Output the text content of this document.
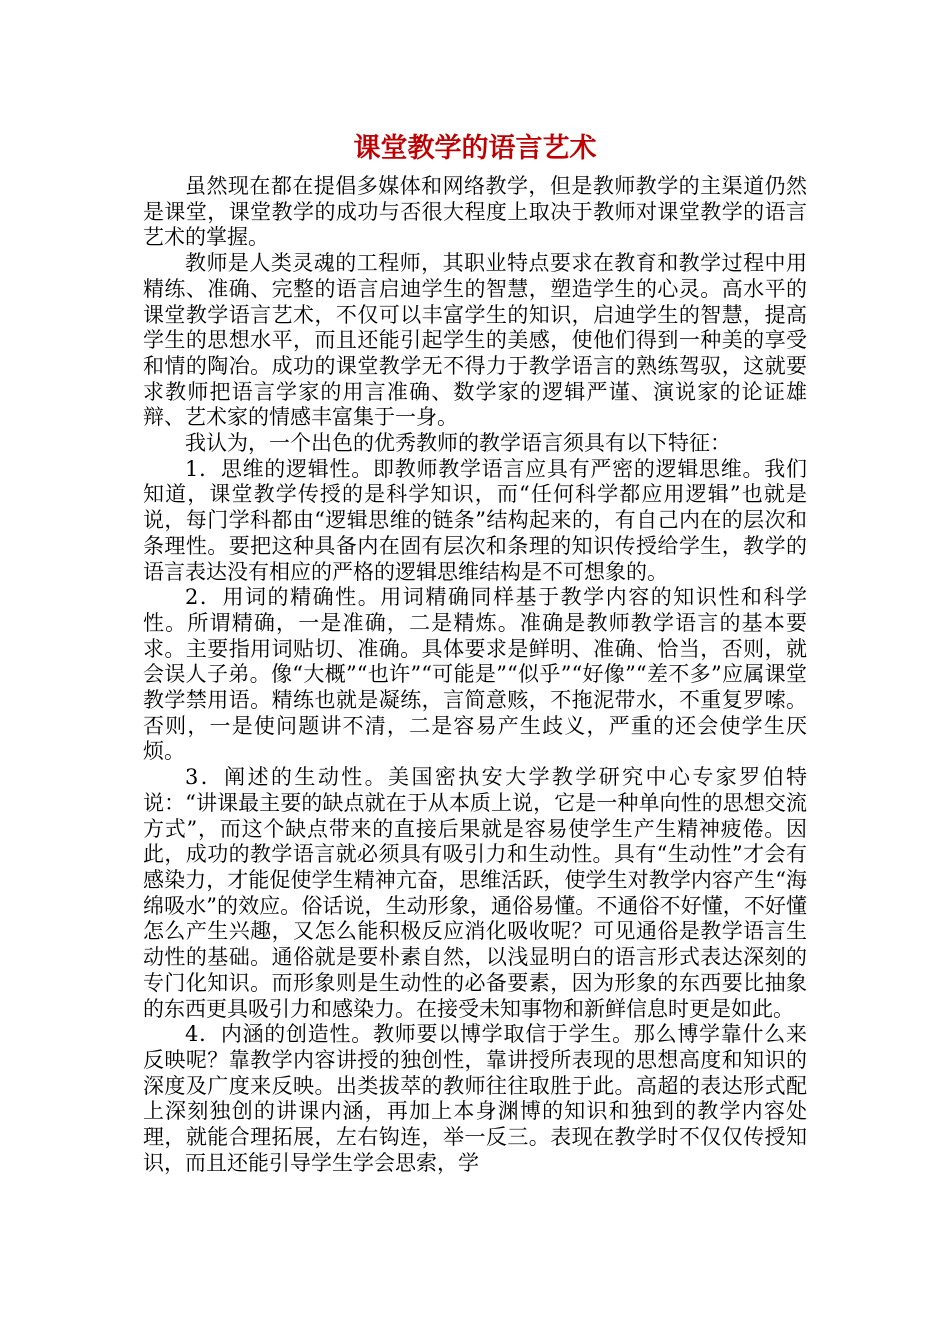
课堂教学的语言艺术

虽然现在都在提倡多媒体和网络教学，但是教师教学的主渠道仍然是课堂，课堂教学的成功与否很大程度上取决于教师对课堂教学的语言艺术的掌握。

教师是人类灵魂的工程师，其职业特点要求在教育和教学过程中用精练、准确、完整的语言启迪学生的智慧，塑造学生的心灵。高水平的课堂教学语言艺术，不仅可以丰富学生的知识，启迪学生的智慧，提高学生的思想水平，而且还能引起学生的美感，使他们得到一种美的享受和情的陶冶。成功的课堂教学无不得力于教学语言的熟练驾驭，这就要求教师把语言学家的用言准确、数学家的逻辑严谨、演说家的论证雄辩、艺术家的情感丰富集于一身。

我认为，一个出色的优秀教师的教学语言须具有以下特征：

1．思维的逻辑性。即教师教学语言应具有严密的逻辑思维。我们知道，课堂教学传授的是科学知识，而“任何科学都应用逻辑”也就是说，每门学科都由“逻辑思维的链条”结构起来的，有自己内在的层次和条理性。要把这种具备内在固有层次和条理的知识传授给学生，教学的语言表达没有相应的严格的逻辑思维结构是不可想象的。

2．用词的精确性。用词精确同样基于教学内容的知识性和科学性。所谓精确，一是准确，二是精炼。准确是教师教学语言的基本要求。主要指用词贴切、准确。具体要求是鲜明、准确、恰当，否则，就会误人子弟。像“大概”“也许”“可能是”“似乎”“好像”“差不多”应属课堂教学禁用语。精练也就是凝练，言简意赅，不拖泥带水，不重复罗嗦。否则，一是使问题讲不清，二是容易产生歧义，严重的还会使学生厌烦。

3．阐述的生动性。美国密执安大学教学研究中心专家罗伯特说：“讲课最主要的缺点就在于从本质上说，它是一种单向性的思想交流方式”，而这个缺点带来的直接后果就是容易使学生产生精神疲倦。因此，成功的教学语言就必须具有吸引力和生动性。具有“生动性”才会有感染力，才能促使学生精神亢奋，思维活跃，使学生对教学内容产生“海绵吸水”的效应。俗话说，生动形象，通俗易懂。不通俗不好懂，不好懂怎么产生兴趣，又怎么能积极反应消化吸收呢？可见通俗是教学语言生动性的基础。通俗就是要朴素自然，以浅显明白的语言形式表达深刻的专门化知识。而形象则是生动性的必备要素，因为形象的东西要比抽象的东西更具吸引力和感染力。在接受未知事物和新鲜信息时更是如此。

4．内涵的创造性。教师要以博学取信于学生。那么博学靠什么来反映呢？靠教学内容讲授的独创性，靠讲授所表现的思想高度和知识的深度及广度来反映。出类拔萃的教师往往取胜于此。高超的表达形式配上深刻独创的讲课内涵，再加上本身渊博的知识和独到的教学内容处理，就能合理拓展，左右钩连，举一反三。表现在教学时不仅仅传授知识，而且还能引导学生学会思索，学
